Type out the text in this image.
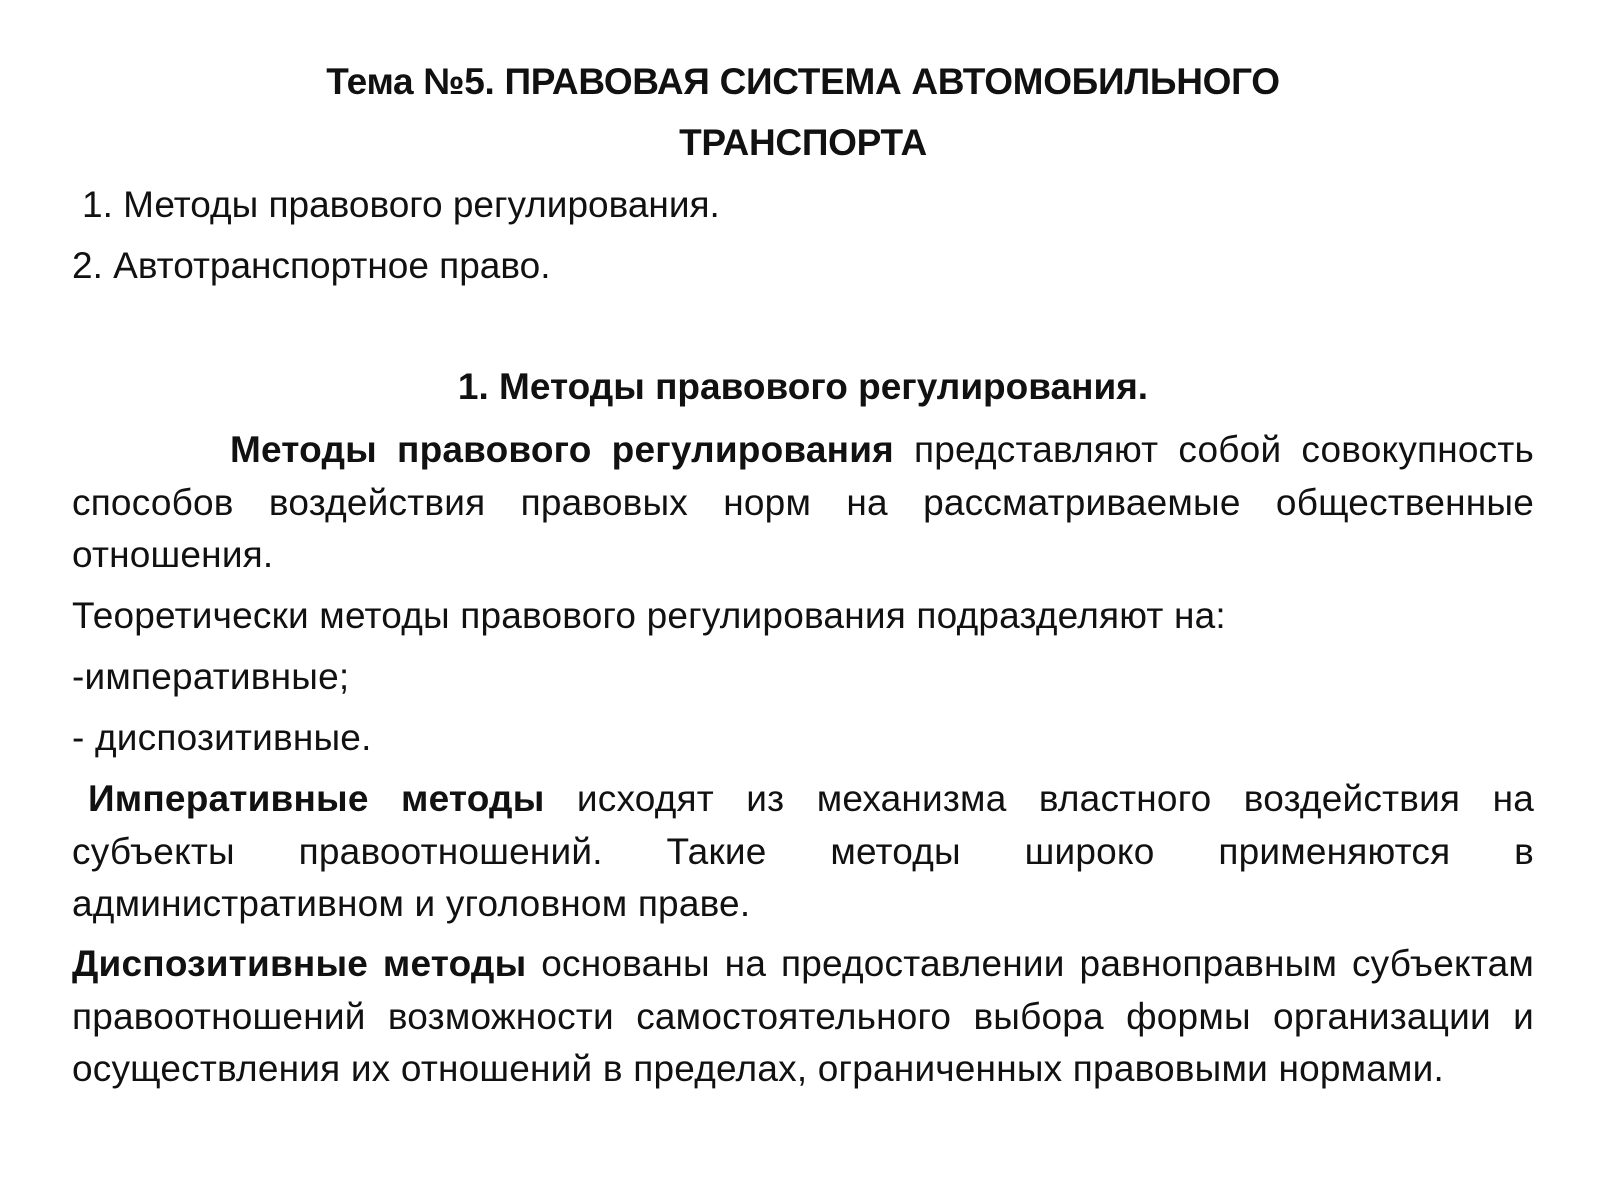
Тема №5. ПРАВОВАЯ СИСТЕМА АВТОМОБИЛЬНОГО
ТРАНСПОРТА
1. Методы правового регулирования.
2. Автотранспортное право.
1. Методы правового регулирования.
Методы правового регулирования представляют собой совокупность способов воздействия правовых норм на рассматриваемые общественные отношения.
Теоретически методы правового регулирования подразделяют на:
-императивные;
- диспозитивные.
Императивные методы исходят из механизма властного воздействия на субъекты правоотношений. Такие методы широко применяются в административном и уголовном праве.
Диспозитивные методы основаны на предоставлении равноправным субъектам правоотношений возможности самостоятельного выбора формы организации и осуществления их отношений в пределах, ограниченных правовыми нормами.
